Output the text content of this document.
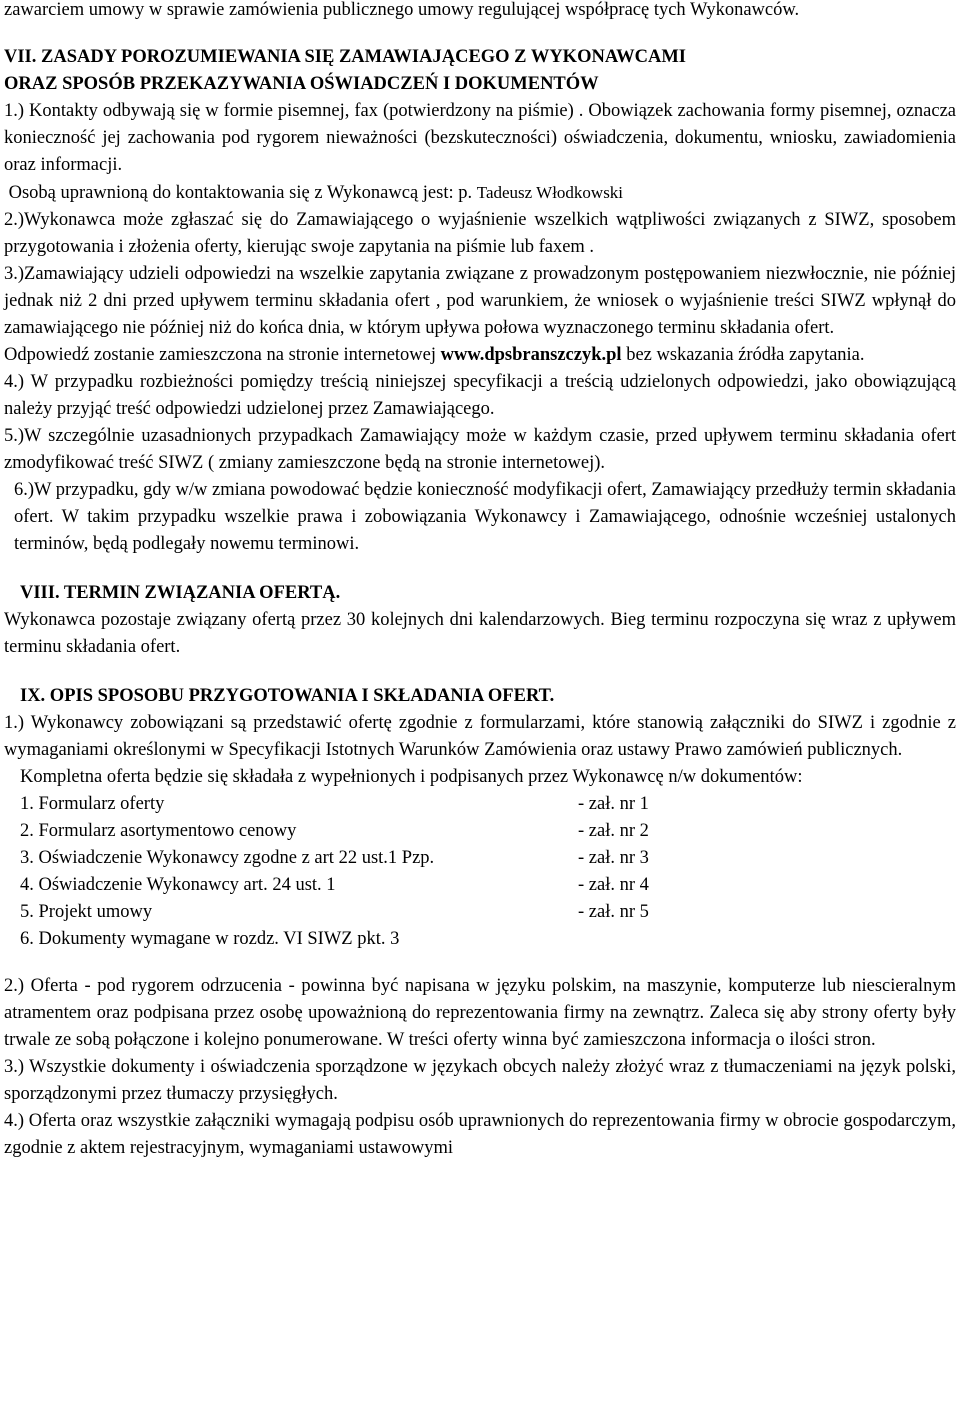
zawarciem umowy w sprawie zamówienia publicznego umowy regulującej współpracę tych Wykonawców.

VII. ZASADY POROZUMIEWANIA SIĘ ZAMAWIAJĄCEGO Z WYKONAWCAMI

ORAZ SPOSÓB PRZEKAZYWANIA OŚWIADCZEŃ I DOKUMENTÓW

1.) Kontakty odbywają się w formie pisemnej, fax (potwierdzony na piśmie) . Obowiązek zachowania formy pisemnej, oznacza konieczność jej zachowania pod rygorem nieważności (bezskuteczności) oświadczenia, dokumentu, wniosku, zawiadomienia oraz informacji.

Osobą uprawnioną do kontaktowania się z Wykonawcą jest: p. Tadeusz Włodkowski

2.)Wykonawca może zgłaszać się do Zamawiającego o wyjaśnienie wszelkich wątpliwości związanych z SIWZ, sposobem przygotowania i złożenia oferty, kierując swoje zapytania na piśmie lub faxem .

3.)Zamawiający udzieli odpowiedzi na wszelkie zapytania związane z prowadzonym postępowaniem niezwłocznie, nie później jednak niż 2 dni przed upływem terminu składania ofert , pod warunkiem, że wniosek o wyjaśnienie treści SIWZ wpłynął do zamawiającego nie później niż do końca dnia, w którym upływa połowa wyznaczonego terminu składania ofert.

Odpowiedź zostanie zamieszczona na stronie internetowej www.dpsbranszczyk.pl bez wskazania źródła zapytania.

4.) W przypadku rozbieżności pomiędzy treścią niniejszej specyfikacji a treścią udzielonych odpowiedzi, jako obowiązującą należy przyjąć treść odpowiedzi udzielonej przez Zamawiającego.

5.)W szczególnie uzasadnionych przypadkach Zamawiający może w każdym czasie, przed upływem terminu składania ofert zmodyfikować treść SIWZ ( zmiany zamieszczone będą na stronie internetowej).

6.)W przypadku, gdy w/w zmiana powodować będzie konieczność modyfikacji ofert, Zamawiający przedłuży termin składania ofert. W takim przypadku wszelkie prawa i zobowiązania Wykonawcy i Zamawiającego, odnośnie wcześniej ustalonych terminów, będą podlegały nowemu terminowi.

VIII. TERMIN ZWIĄZANIA OFERTĄ.

Wykonawca pozostaje związany ofertą przez 30 kolejnych dni kalendarzowych. Bieg terminu rozpoczyna się wraz z upływem terminu składania ofert.

IX. OPIS SPOSOBU PRZYGOTOWANIA I SKŁADANIA OFERT.

1.) Wykonawcy zobowiązani są przedstawić ofertę zgodnie z formularzami, które stanowią załączniki do SIWZ i zgodnie z wymaganiami określonymi w Specyfikacji Istotnych Warunków Zamówienia oraz ustawy Prawo zamówień publicznych.

Kompletna oferta będzie się składała z wypełnionych i podpisanych przez Wykonawcę n/w dokumentów:

1. Formularz oferty	- zał. nr 1
2. Formularz asortymentowo cenowy	- zał. nr 2
3. Oświadczenie Wykonawcy zgodne z art 22 ust.1 Pzp.	- zał. nr 3
4. Oświadczenie Wykonawcy art. 24 ust. 1	- zał. nr 4
5. Projekt umowy	- zał. nr 5
6. Dokumenty wymagane w rozdz. VI SIWZ pkt. 3

2.) Oferta - pod rygorem odrzucenia - powinna być napisana w języku polskim, na maszynie, komputerze lub niescieralnym atramentem oraz podpisana przez osobę upoważnioną do reprezentowania firmy na zewnątrz. Zaleca się aby strony oferty były trwale ze sobą połączone i kolejno ponumerowane. W treści oferty winna być zamieszczona informacja o ilości stron.

3.) Wszystkie dokumenty i oświadczenia sporządzone w językach obcych należy złożyć wraz z tłumaczeniami na język polski, sporządzonymi przez tłumaczy przysięgłych.

4.) Oferta oraz wszystkie załączniki wymagają podpisu osób uprawnionych do reprezentowania firmy w obrocie gospodarczym, zgodnie z aktem rejestracyjnym, wymaganiami ustawowymi
